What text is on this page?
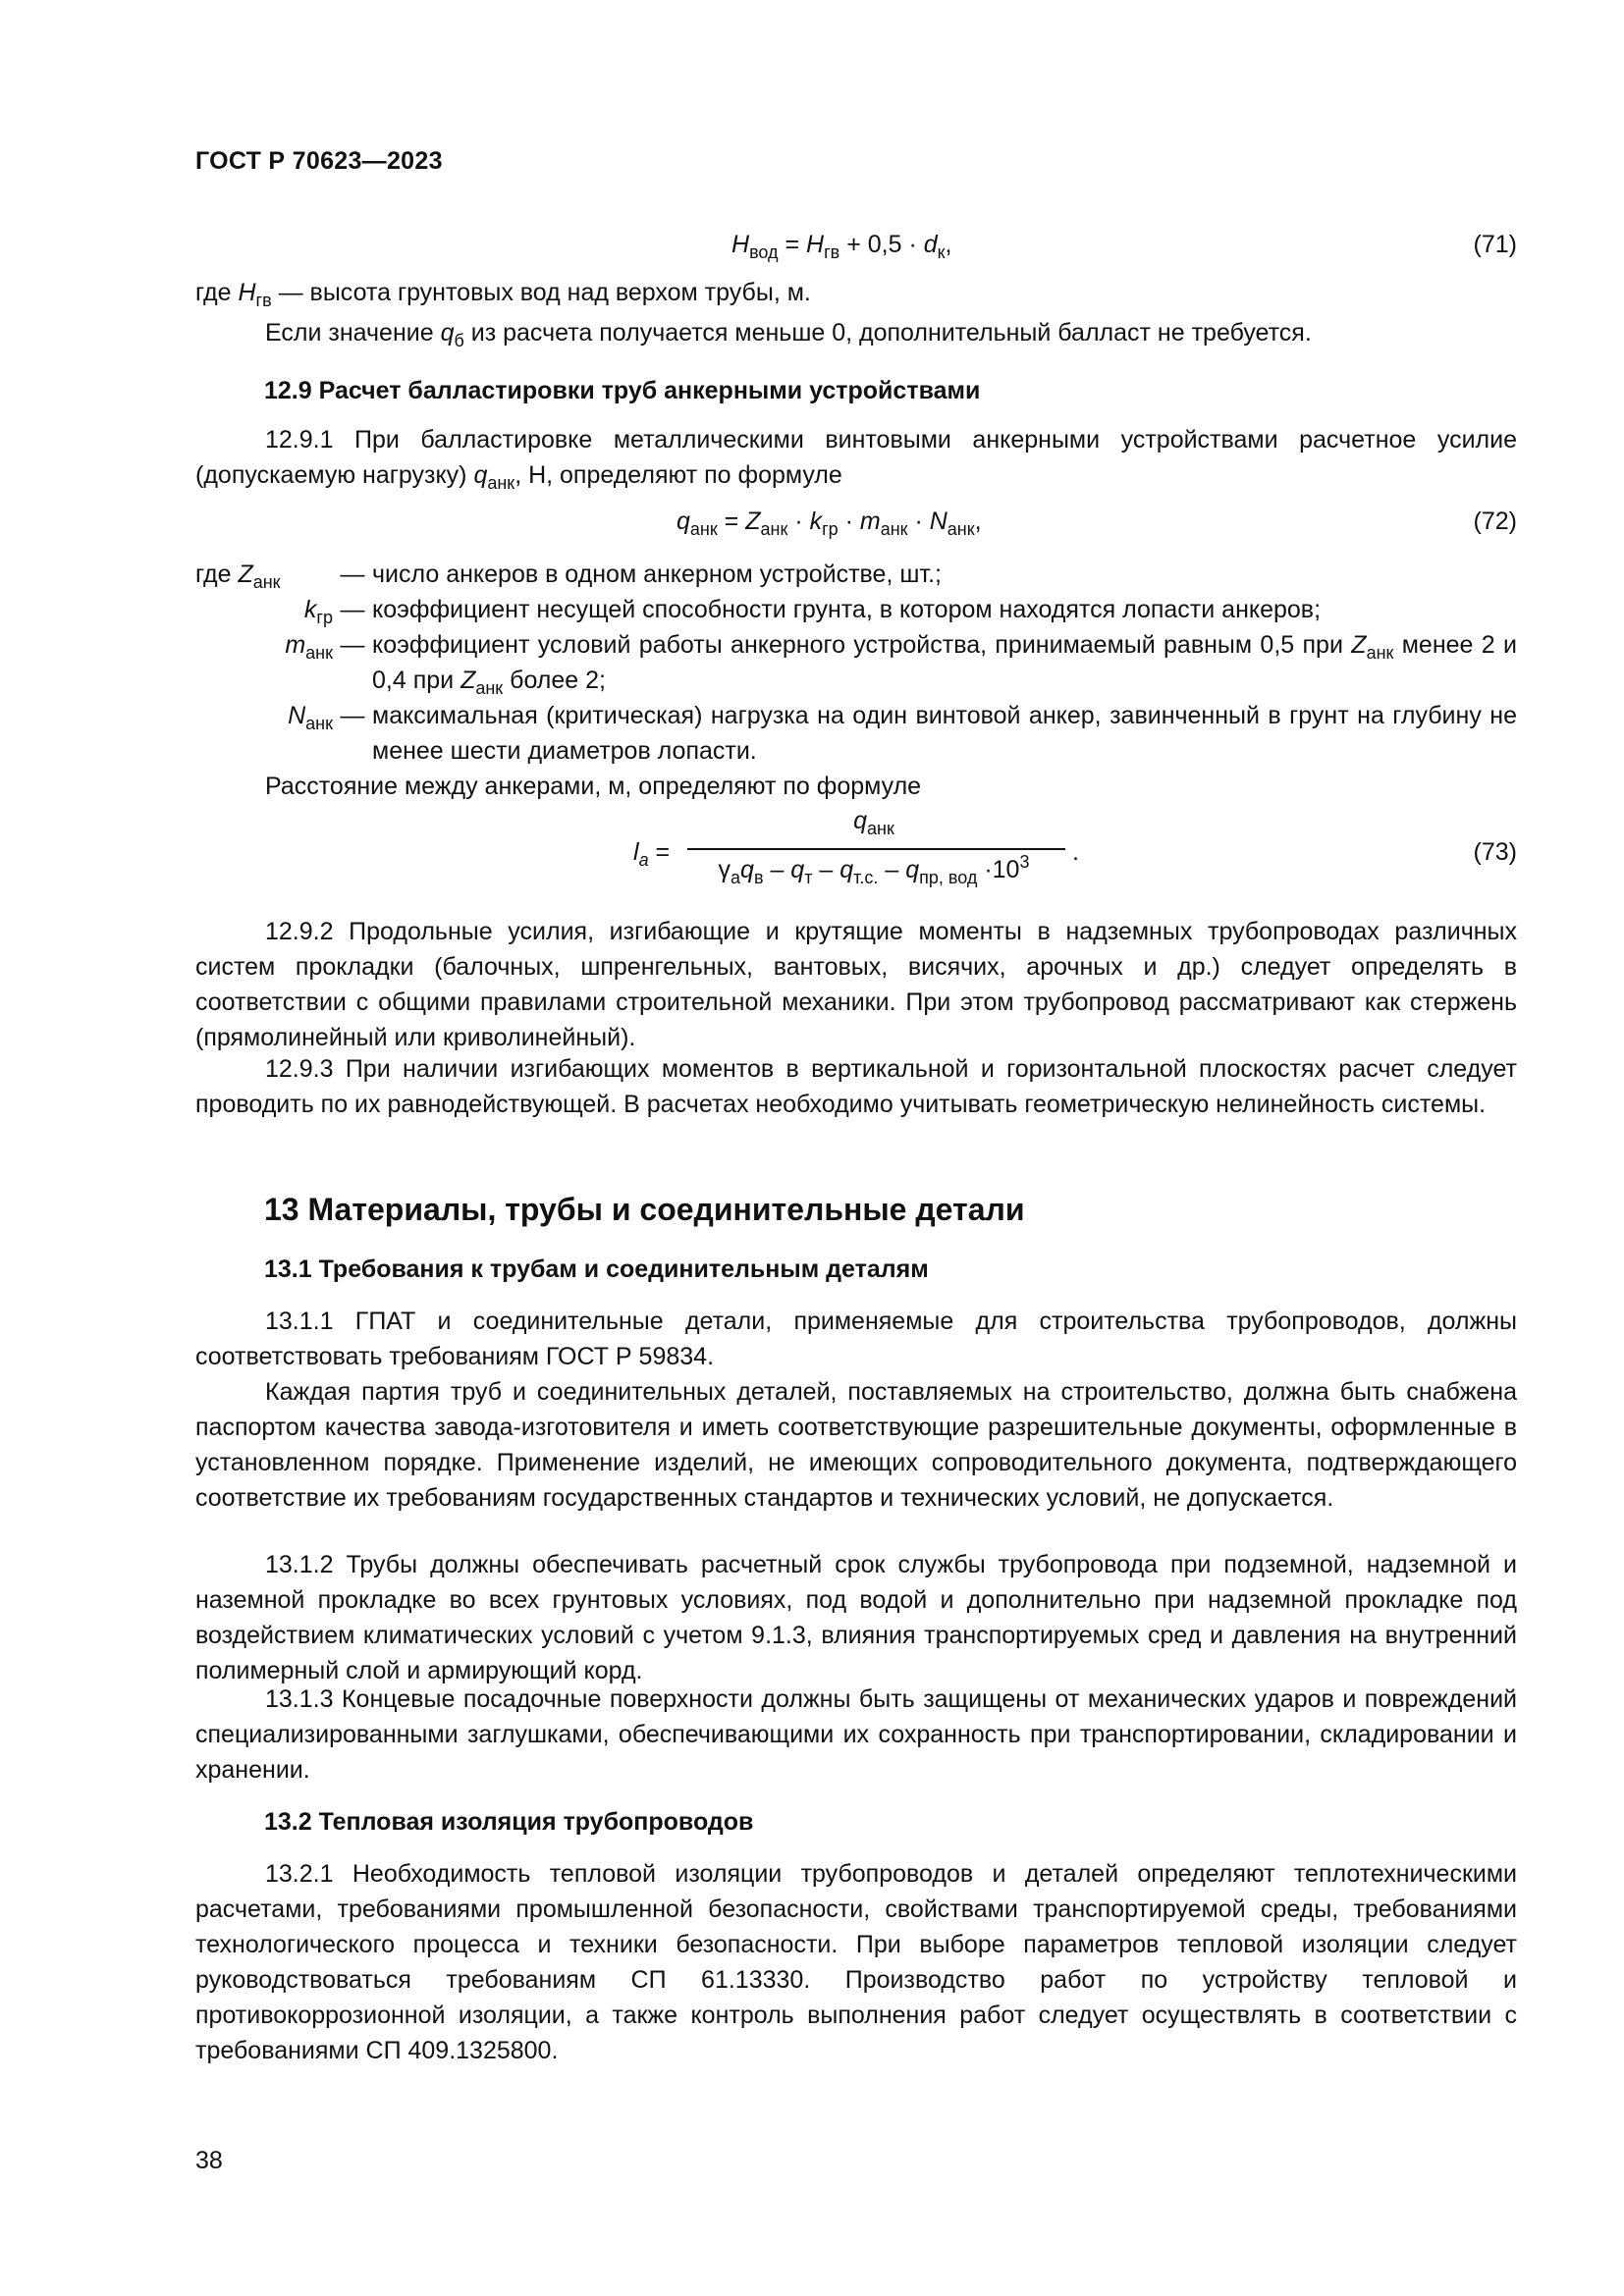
ГОСТ Р 70623—2023
$H_{вод} = H_{гв} + 0,5 \cdot d_к$,	(71)
где $H_{гв}$ — высота грунтовых вод над верхом трубы, м.
Если значение $q_б$ из расчета получается меньше 0, дополнительный балласт не требуется.
12.9 Расчет балластировки труб анкерными устройствами

12.9.1 При балластировке металлическими винтовыми анкерными устройствами расчетное усилие (допускаемую нагрузку) $q_{анк}$, Н, определяют по формуле

$q_{анк} = Z_{анк} \cdot k_{гр} \cdot m_{анк} \cdot N_{анк}$,	(72)
где $Z_{анк}$	— число анкеров в одном анкерном устройстве, шт.;
$k_{гр}$ — коэффициент несущей способности грунта, в котором находятся лопасти анкеров;
$m_{анк}$ — коэффициент условий работы анкерного устройства, принимаемый равным 0,5 при $Z_{анк}$ менее 2 и 0,4 при $Z_{анк}$ более 2;
$N_{анк}$ — максимальная (критическая) нагрузка на один винтовой анкер, завинченный в грунт на глубину не менее шести диаметров лопасти.
Расстояние между анкерами, м, определяют по формуле
$l_a$ =
$q_{анк}$
$\gamma_аq_в - q_т - q_{т.с.} - q_{пр, вод} \cdot 10^3$	.	(73)

12.9.2 Продольные усилия, изгибающие и крутящие моменты в надземных трубопроводах различных систем прокладки (балочных, шпренгельных, вантовых, висячих, арочных и др.) следует определять в соответствии с общими правилами строительной механики. При этом трубопровод рассматривают как стержень (прямолинейный или криволинейный).

12.9.3 При наличии изгибающих моментов в вертикальной и горизонтальной плоскостях расчет следует проводить по их равнодействующей. В расчетах необходимо учитывать геометрическую нелинейность системы.

13 Материалы, трубы и соединительные детали
13.1 Требования к трубам и соединительным деталям

13.1.1 ГПАТ и соединительные детали, применяемые для строительства трубопроводов, должны соответствовать требованиям ГОСТ Р 59834.

Каждая партия труб и соединительных деталей, поставляемых на строительство, должна быть снабжена паспортом качества завода-изготовителя и иметь соответствующие разрешительные документы, оформленные в установленном порядке. Применение изделий, не имеющих сопроводительного документа, подтверждающего соответствие их требованиям государственных стандартов и технических условий, не допускается.

13.1.2 Трубы должны обеспечивать расчетный срок службы трубопровода при подземной, надземной и наземной прокладке во всех грунтовых условиях, под водой и дополнительно при надземной прокладке под воздействием климатических условий с учетом 9.1.3, влияния транспортируемых сред и давления на внутренний полимерный слой и армирующий корд.

13.1.3 Концевые посадочные поверхности должны быть защищены от механических ударов и повреждений специализированными заглушками, обеспечивающими их сохранность при транспортировании, складировании и хранении.

13.2 Тепловая изоляция трубопроводов

13.2.1 Необходимость тепловой изоляции трубопроводов и деталей определяют теплотехническими расчетами, требованиями промышленной безопасности, свойствами транспортируемой среды, требованиями технологического процесса и техники безопасности. При выборе параметров тепловой изоляции следует руководствоваться требованиям СП 61.13330. Производство работ по устройству тепловой и противокоррозионной изоляции, а также контроль выполнения работ следует осуществлять в соответствии с требованиями СП 409.1325800.

38
